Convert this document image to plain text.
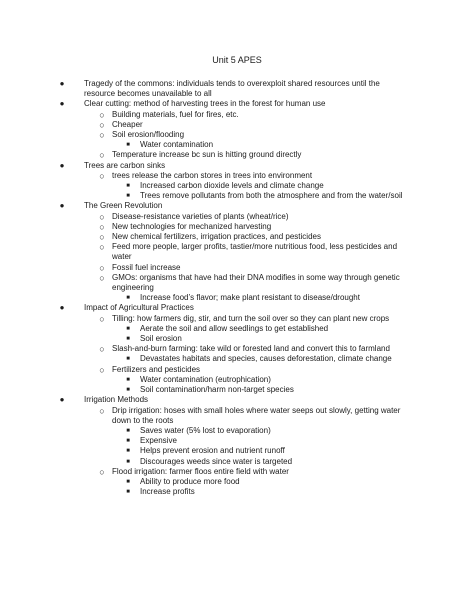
Unit 5 APES
●	Tragedy of the commons: individuals tends to overexploit shared resources until the resource becomes unavailable to all
●	Clear cutting: method of harvesting trees in the forest for human use
○ Building materials, fuel for fires, etc.
○ Cheaper
○ Soil erosion/flooding
■	Water contamination
○ Temperature increase bc sun is hitting ground directly
●	Trees are carbon sinks
○ trees release the carbon stores in trees into environment
■	Increased carbon dioxide levels and climate change
■	Trees remove pollutants from both the atmosphere and from the water/soil
●	The Green Revolution
○ Disease-resistance varieties of plants (wheat/rice)
○ New technologies for mechanized harvesting
○ New chemical fertilizers, irrigation practices, and pesticides
○ Feed more people, larger profits, tastier/more nutritious food, less pesticides and water
○ Fossil fuel increase
○ GMOs: organisms that have had their DNA modifies in some way through genetic engineering
■	Increase food’s flavor; make plant resistant to disease/drought
●	Impact of Agricultural Practices
○ Tilling: how farmers dig, stir, and turn the soil over so they can plant new crops
■	Aerate the soil and allow seedlings to get established
■	Soil erosion
○ Slash-and-burn farming: take wild or forested land and convert this to farmland
■	Devastates habitats and species, causes deforestation, climate change
○ Fertilizers and pesticides
■	Water contamination (eutrophication)
■	Soil contamination/harm non-target species
●	Irrigation Methods
○ Drip irrigation: hoses with small holes where water seeps out slowly, getting water down to the roots
■	Saves water (5% lost to evaporation)
■	Expensive
■	Helps prevent erosion and nutrient runoff
■	Discourages weeds since water is targeted
○ Flood irrigation: farmer floos entire field with water
■	Ability to produce more food
■	Increase profits
